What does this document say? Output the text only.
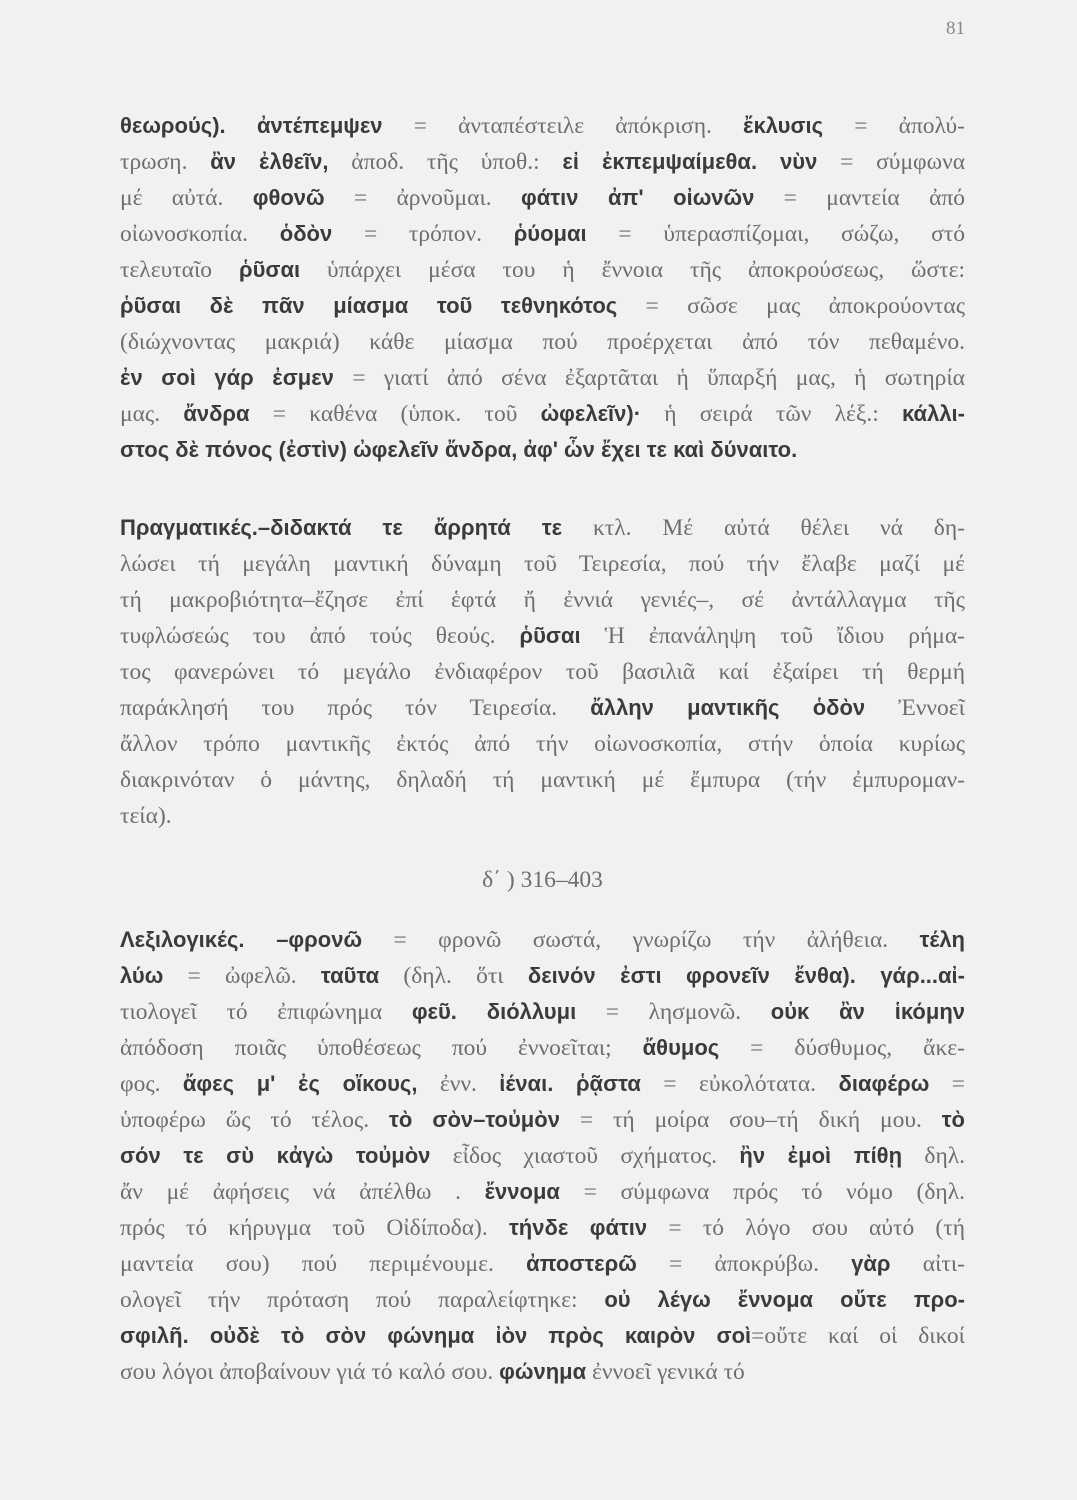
81
θεωρούς). ἀντέπεμψεν = ἀνταπέστειλε ἀπόκριση. ἔκλυσις = ἀπολύ-
τρωση. ἂν ἐλθεῖν, ἀποδ. τῆς ὑποθ.: εἰ ἐκπεμψαίμεθα. νὺν = σύμφωνα
μέ αὐτά. φθονῶ = ἀρνοῦμαι. φάτιν ἀπ' οἰωνῶν = μαντεία ἀπό
οἰωνοσκοπία. ὁδὸν = τρόπον. ῥύομαι = ὑπερασπίζομαι, σώζω, στό
τελευταῖο ῥῦσαι ὑπάρχει μέσα του ἡ ἔννοια τῆς ἀποκρούσεως, ὥστε:
ῥῦσαι δὲ πᾶν μίασμα τοῦ τεθνηκότος = σῶσε μας ἀποκρούοντας
(διώχνοντας μακριά) κάθε μίασμα πού προέρχεται ἀπό τόν πεθαμένο.
ἐν σοὶ γάρ ἐσμεν = γιατί ἀπό σένα ἐξαρτᾶται ἡ ὕπαρξή μας, ἡ σωτηρία
μας. ἄνδρα = καθένα (ὑποκ. τοῦ ὠφελεῖν)· ἡ σειρά τῶν λέξ.: κάλλι-
στος δὲ πόνος (ἐστὶν) ὠφελεῖν ἄνδρα, ἀφ' ὧν ἔχει τε καὶ δύναιτο.
Πραγματικές.–διδακτά τε ἄρρητά τε κτλ. Μέ αὐτά θέλει νά δη-
λώσει τή μεγάλη μαντική δύναμη τοῦ Τειρεσία, πού τήν ἔλαβε μαζί μέ
τή μακροβιότητα–ἔζησε ἐπί ἑφτά ἤ ἐννιά γενιές–, σέ ἀντάλλαγμα τῆς
τυφλώσεώς του ἀπό τούς θεούς. ῥῦσαι Ἡ ἐπανάληψη τοῦ ἴδιου ρήμα-
τος φανερώνει τό μεγάλο ἐνδιαφέρον τοῦ βασιλιᾶ καί ἐξαίρει τή θερμή
παράκλησή του πρός τόν Τειρεσία. ἄλλην μαντικῆς ὁδὸν Ἐννοεῖ
ἄλλον τρόπο μαντικῆς ἐκτός ἀπό τήν οἰωνοσκοπία, στήν ὁποία κυρίως
διακρινόταν ὁ μάντης, δηλαδή τή μαντική μέ ἔμπυρα (τήν ἐμπυρομαν-
τεία).
δ΄ ) 316–403
Λεξιλογικές. –φρονῶ = φρονῶ σωστά, γνωρίζω τήν ἀλήθεια. τέλη
λύω = ὠφελῶ. ταῦτα (δηλ. ὅτι δεινόν ἐστι φρονεῖν ἔνθα). γάρ...αἰ-
τιολογεῖ τό ἐπιφώνημα φεῦ. διόλλυμι = λησμονῶ. οὐκ ἂν ἱκόμην
ἀπόδοση ποιᾶς ὑποθέσεως πού ἐννοεῖται; ἄθυμος = δύσθυμος, ἄκε-
φος. ἄφες μ' ἐς οἴκους, ἐνν. ἰέναι. ῥᾷστα = εὐκολότατα. διαφέρω =
ὑποφέρω ὥς τό τέλος. τὸ σὸν–τοὐμὸν = τή μοίρα σου–τή δική μου. τὸ
σόν τε σὺ κἀγὼ τοὐμὸν εἶδος χιαστοῦ σχήματος. ἢν ἐμοὶ πίθῃ δηλ.
ἄν μέ ἀφήσεις νά ἀπέλθω . ἔννομα = σύμφωνα πρός τό νόμο (δηλ.
πρός τό κήρυγμα τοῦ Οἰδίποδα). τήνδε φάτιν = τό λόγο σου αὐτό (τή
μαντεία σου) πού περιμένουμε. ἀποστερῶ = ἀποκρύβω. γὰρ αἰτι-
ολογεῖ τήν πρόταση πού παραλείφτηκε: οὐ λέγω ἔννομα οὔτε προ-
σφιλῆ. οὐδὲ τὸ σὸν φώνημα ἰὸν πρὸς καιρὸν σοὶ=οὔτε καί οἱ δικοί
σου λόγοι ἀποβαίνουν γιά τό καλό σου. φώνημα ἐννοεῖ γενικά τό
